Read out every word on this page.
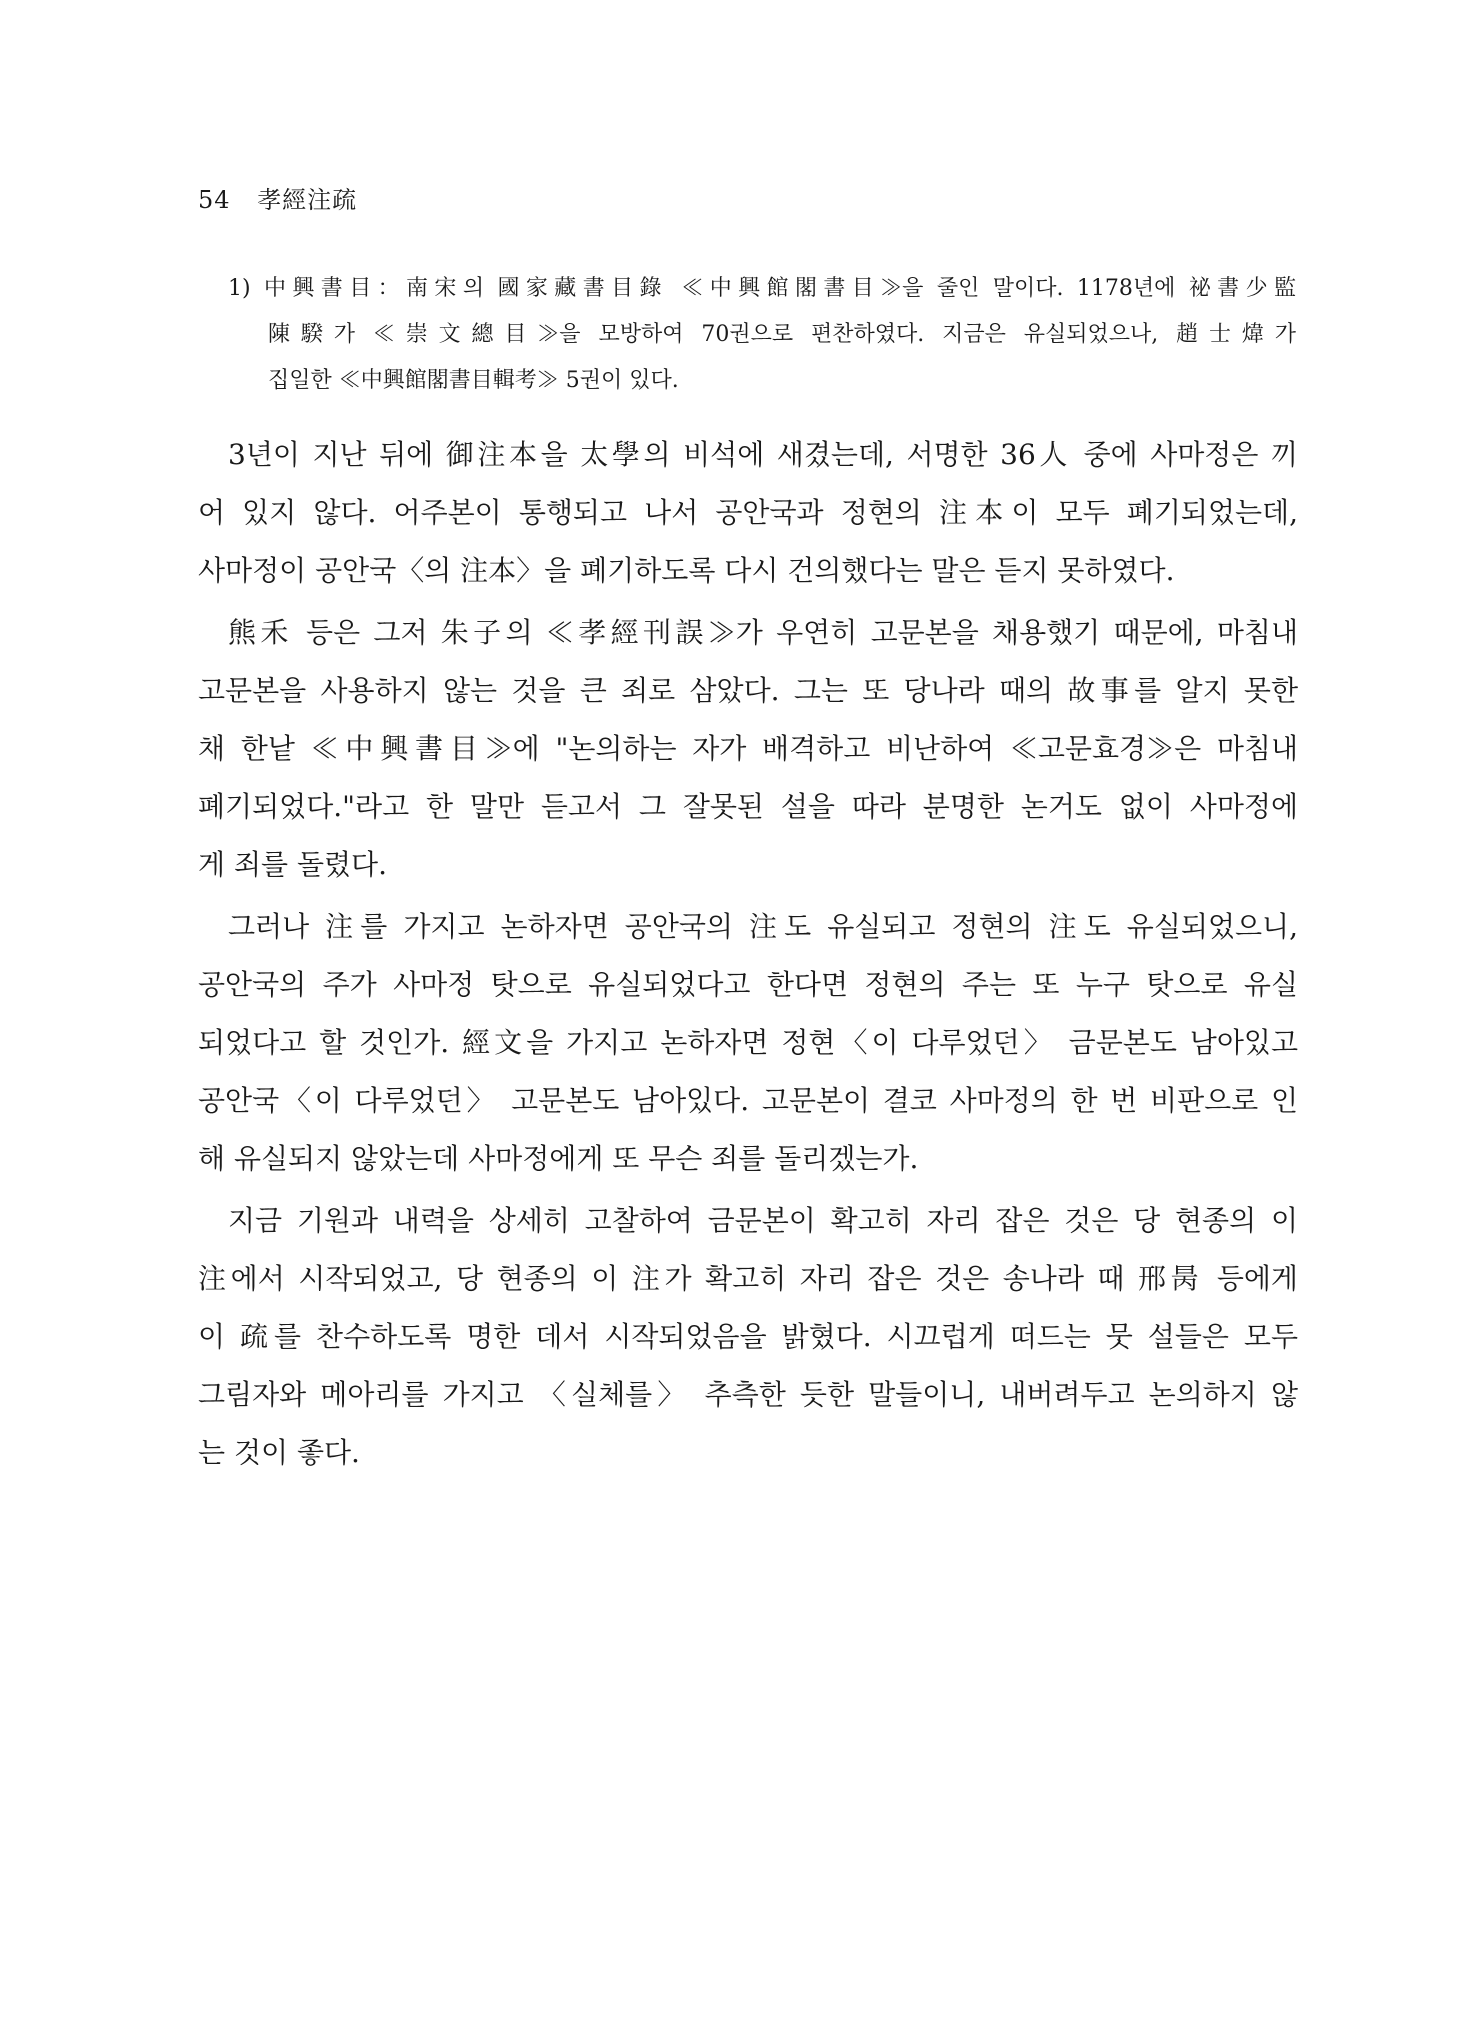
54 孝經注疏
1) 中興書目：南宋의 國家藏書目錄 ≪中興館閣書目≫을 줄인 말이다. 1178년에 祕書少監
陳騤가 ≪崇文總目≫을 모방하여 70권으로 편찬하였다. 지금은 유실되었으나, 趙士煒가
집일한 ≪中興館閣書目輯考≫ 5권이 있다.
3년이 지난 뒤에 御注本을 太學의 비석에 새겼는데, 서명한 36人 중에 사마정은 끼
어 있지 않다. 어주본이 통행되고 나서 공안국과 정현의 注本이 모두 폐기되었는데,
사마정이 공안국〈의 注本〉을 폐기하도록 다시 건의했다는 말은 듣지 못하였다.
熊禾 등은 그저 朱子의 ≪孝經刊誤≫가 우연히 고문본을 채용했기 때문에, 마침내
고문본을 사용하지 않는 것을 큰 죄로 삼았다. 그는 또 당나라 때의 故事를 알지 못한
채 한낱 ≪中興書目≫에 "논의하는 자가 배격하고 비난하여 ≪고문효경≫은 마침내
폐기되었다."라고 한 말만 듣고서 그 잘못된 설을 따라 분명한 논거도 없이 사마정에
게 죄를 돌렸다.
그러나 注를 가지고 논하자면 공안국의 注도 유실되고 정현의 注도 유실되었으니,
공안국의 주가 사마정 탓으로 유실되었다고 한다면 정현의 주는 또 누구 탓으로 유실
되었다고 할 것인가. 經文을 가지고 논하자면 정현〈이 다루었던〉 금문본도 남아있고
공안국〈이 다루었던〉 고문본도 남아있다. 고문본이 결코 사마정의 한 번 비판으로 인
해 유실되지 않았는데 사마정에게 또 무슨 죄를 돌리겠는가.
지금 기원과 내력을 상세히 고찰하여 금문본이 확고히 자리 잡은 것은 당 현종의 이
注에서 시작되었고, 당 현종의 이 注가 확고히 자리 잡은 것은 송나라 때 邢昺 등에게
이 疏를 찬수하도록 명한 데서 시작되었음을 밝혔다. 시끄럽게 떠드는 뭇 설들은 모두
그림자와 메아리를 가지고 〈실체를〉 추측한 듯한 말들이니, 내버려두고 논의하지 않
는 것이 좋다.
